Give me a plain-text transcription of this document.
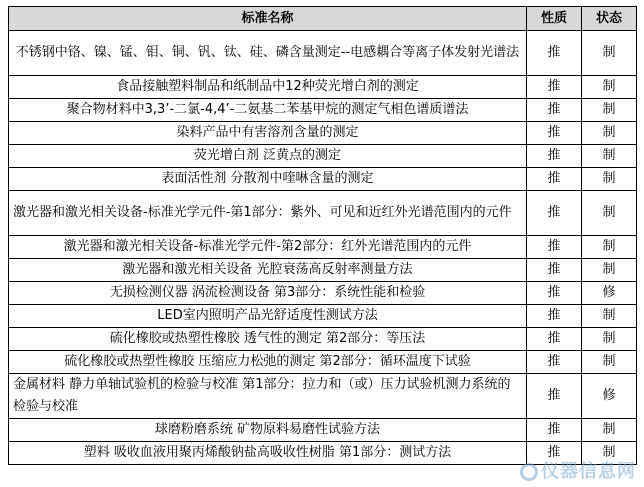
标准名称	性质	状态
不锈钢中铬、镍、锰、钼、铜、钒、钛、硅、磷含量测定--电感耦合等离子体发射光谱法	推	制
食品接触塑料制品和纸制品中12种荧光增白剂的测定	推	制
聚合物材料中3,3’-二氯-4,4’-二氨基二苯基甲烷的测定气相色谱质谱法	推	制
染料产品中有害溶剂含量的测定	推	制
荧光增白剂 泛黄点的测定	推	制
表面活性剂 分散剂中喹啉含量的测定	推	制
激光器和激光相关设备-标准光学元件-第1部分：紫外、可见和近红外光谱范围内的元件	推	制
激光器和激光相关设备-标准光学元件-第2部分：红外光谱范围内的元件	推	制
激光器和激光相关设备 光腔衰荡高反射率测量方法	推	制
无损检测仪器 涡流检测设备 第3部分：系统性能和检验	推	修
LED室内照明产品光舒适度性测试方法	推	制
硫化橡胶或热塑性橡胶 透气性的测定 第2部分：等压法	推	制
硫化橡胶或热塑性橡胶 压缩应力松弛的测定 第2部分：循环温度下试验	推	制
金属材料 静力单轴试验机的检验与校准 第1部分：拉力和（或）压力试验机测力系统的检验与校准	推	修
球磨粉磨系统 矿物原料易磨性试验方法	推	制
塑料 吸收血液用聚丙烯酸钠盐高吸收性树脂 第1部分：测试方法	推	制
仪器信息网
